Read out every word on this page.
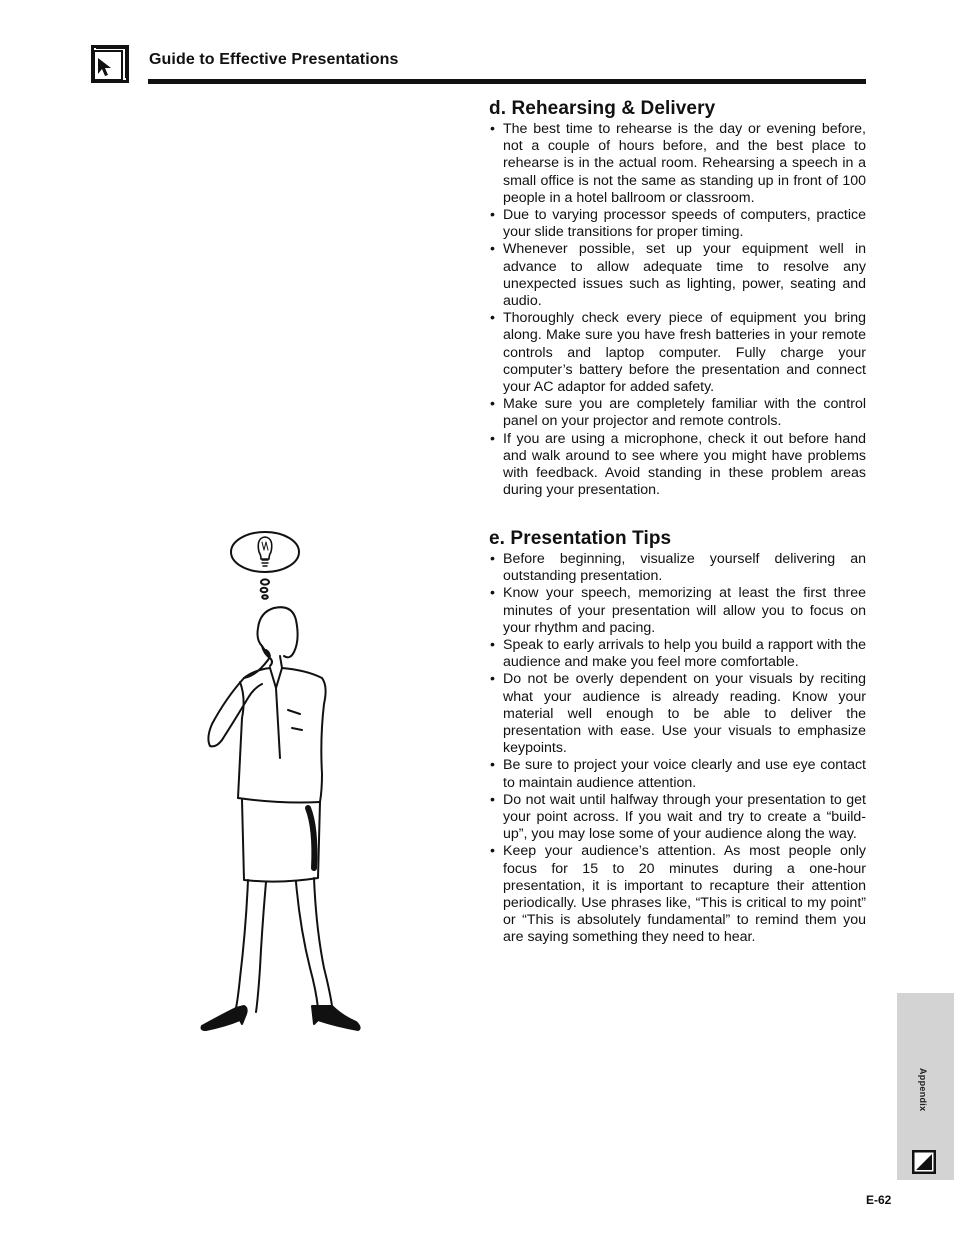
Guide to Effective Presentations
d. Rehearsing & Delivery
• The best time to rehearse is the day or evening before, not a couple of hours before, and the best place to rehearse is in the actual room. Rehearsing a speech in a small office is not the same as standing up in front of 100 people in a hotel ballroom or classroom.
• Due to varying processor speeds of computers, practice your slide transitions for proper timing.
• Whenever possible, set up your equipment well in advance to allow adequate time to resolve any unexpected issues such as lighting, power, seating and audio.
• Thoroughly check every piece of equipment you bring along. Make sure you have fresh batteries in your remote controls and laptop computer. Fully charge your computer’s battery before the presentation and connect your AC adaptor for added safety.
• Make sure you are completely familiar with the control panel on your projector and remote controls.
• If you are using a microphone, check it out before hand and walk around to see where you might have problems with feedback. Avoid standing in these problem areas during your presentation.
e. Presentation Tips
• Before beginning, visualize yourself delivering an outstanding presentation.
• Know your speech, memorizing at least the first three minutes of your presentation will allow you to focus on your rhythm and pacing.
• Speak to early arrivals to help you build a rapport with the audience and make you feel more comfortable.
• Do not be overly dependent on your visuals by reciting what your audience is already reading. Know your material well enough to be able to deliver the presentation with ease. Use your visuals to emphasize keypoints.
• Be sure to project your voice clearly and use eye contact to maintain audience attention.
• Do not wait until halfway through your presentation to get your point across. If you wait and try to create a “build-up”, you may lose some of your audience along the way.
• Keep your audience’s attention. As most people only focus for 15 to 20 minutes during a one-hour presentation, it is important to recapture their attention periodically. Use phrases like, “This is critical to my point” or “This is absolutely fundamental” to remind them you are saying something they need to hear.
Appendix
E-62
